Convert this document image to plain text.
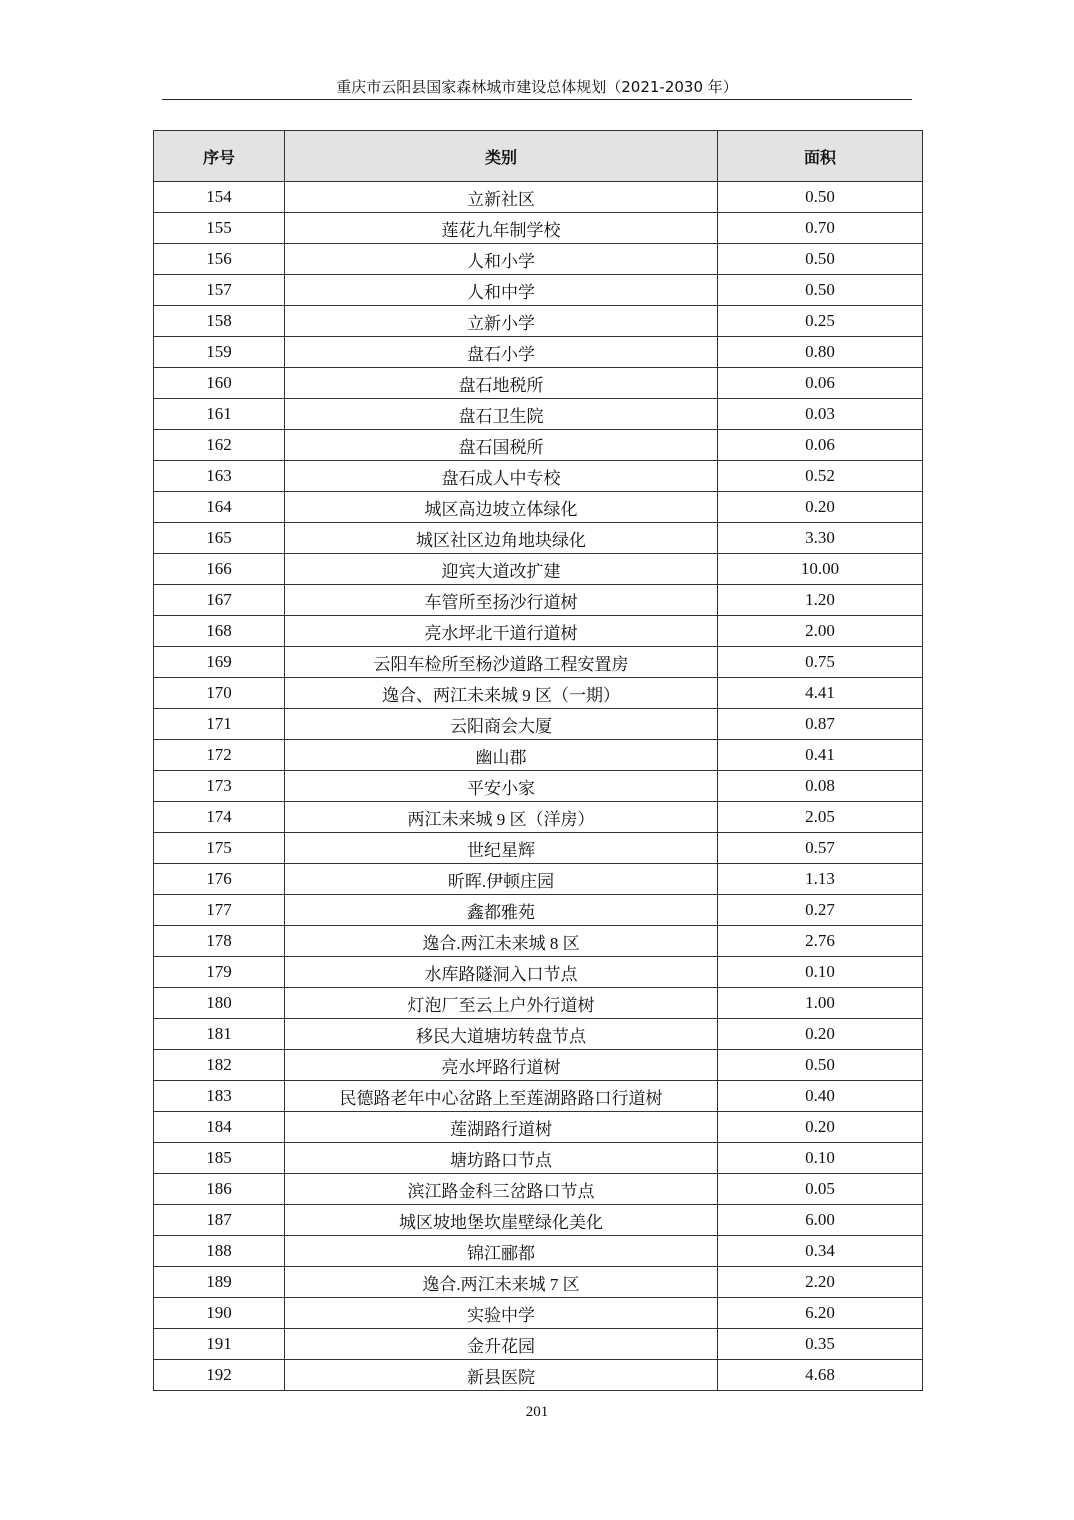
重庆市云阳县国家森林城市建设总体规划（2021-2030 年）
序号	类别	面积
154	立新社区	0.50
155	莲花九年制学校	0.70
156	人和小学	0.50
157	人和中学	0.50
158	立新小学	0.25
159	盘石小学	0.80
160	盘石地税所	0.06
161	盘石卫生院	0.03
162	盘石国税所	0.06
163	盘石成人中专校	0.52
164	城区高边坡立体绿化	0.20
165	城区社区边角地块绿化	3.30
166	迎宾大道改扩建	10.00
167	车管所至扬沙行道树	1.20
168	亮水坪北干道行道树	2.00
169	云阳车检所至杨沙道路工程安置房	0.75
170	逸合、两江未来城 9 区（一期）	4.41
171	云阳商会大厦	0.87
172	幽山郡	0.41
173	平安小家	0.08
174	两江未来城 9 区（洋房）	2.05
175	世纪星辉	0.57
176	昕晖.伊顿庄园	1.13
177	鑫都雅苑	0.27
178	逸合.两江未来城 8 区	2.76
179	水库路隧洞入口节点	0.10
180	灯泡厂至云上户外行道树	1.00
181	移民大道塘坊转盘节点	0.20
182	亮水坪路行道树	0.50
183	民德路老年中心岔路上至莲湖路路口行道树	0.40
184	莲湖路行道树	0.20
185	塘坊路口节点	0.10
186	滨江路金科三岔路口节点	0.05
187	城区坡地堡坎崖壁绿化美化	6.00
188	锦江郦都	0.34
189	逸合.两江未来城 7 区	2.20
190	实验中学	6.20
191	金升花园	0.35
192	新县医院	4.68
201
